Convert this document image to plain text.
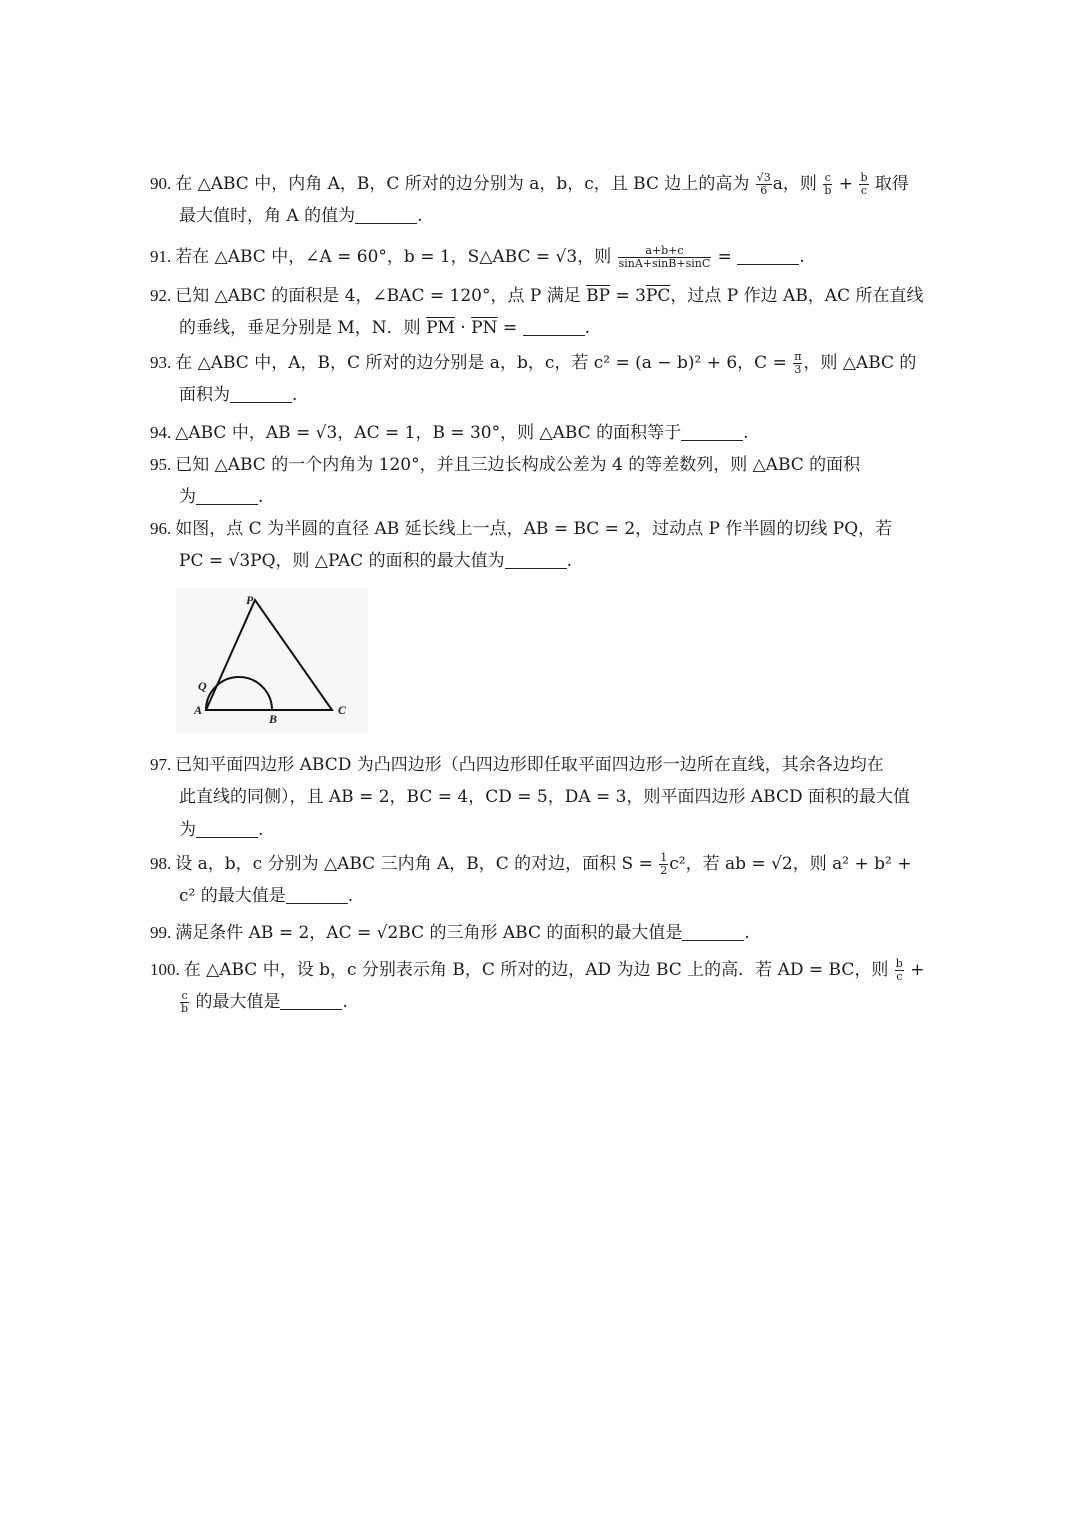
90. 在 △ABC 中，内角 A，B，C 所对的边分别为 a，b，c，且 BC 边上的高为 $\frac{√3}{6}$ a，则 $\frac{c}{b} + \frac{b}{c}$ 取得
最大值时，角 A 的值为	.
91. 若在 △ABC 中，∠A = 60°，b = 1，S△ABC = √3，则 $\frac{a+b+c}{\sin A+\sin B+\sin C}$ =	.
92. 已知 △ABC 的面积是 4，∠BAC = 120°，点 P 满足 $\overline{BP} = 3\overline{PC}$，过点 P 作边 AB，AC 所在直线
的垂线，垂足分别是 M，N．则 $\overline{PM} \cdot \overline{PN}$ =	.
93. 在 △ABC 中，A，B，C 所对的边分别是 a，b，c，若 c² = (a − b)² + 6，$C = \frac{\pi}{3}$ ，则 △ABC 的
面积为	.
94. △ABC 中，AB = √3，AC = 1，B = 30°，则 △ABC 的面积等于	.
95. 已知 △ABC 的一个内角为 120°，并且三边长构成公差为 4 的等差数列，则 △ABC 的面积
为	.
96. 如图，点 C 为半圆的直径 AB 延长线上一点，AB = BC = 2，过动点 P 作半圆的切线 PQ，若
PC = √3PQ，则 △PAC 的面积的最大值为	.
P
Q
A
B
C
97. 已知平面四边形 ABCD 为凸四边形（凸四边形即任取平面四边形一边所在直线，其余各边均在
此直线的同侧），且 AB = 2，BC = 4，CD = 5，DA = 3，则平面四边形 ABCD 面积的最大值
为	.
98. 设 a，b，c 分别为 △ABC 三内角 A，B，C 的对边，面积 $S = \frac{1}{2} c^2$，若 ab = √2，则 a² + b² +
c² 的最大值是	.
99. 满足条件 AB = 2，AC = √2BC 的三角形 ABC 的面积的最大值是	.
100. 在 △ABC 中，设 b，c 分别表示角 B，C 所对的边，AD 为边 BC 上的高．若 AD = BC，则 $\frac{b}{c}$ +
$\frac{c}{b}$ 的最大值是	.
